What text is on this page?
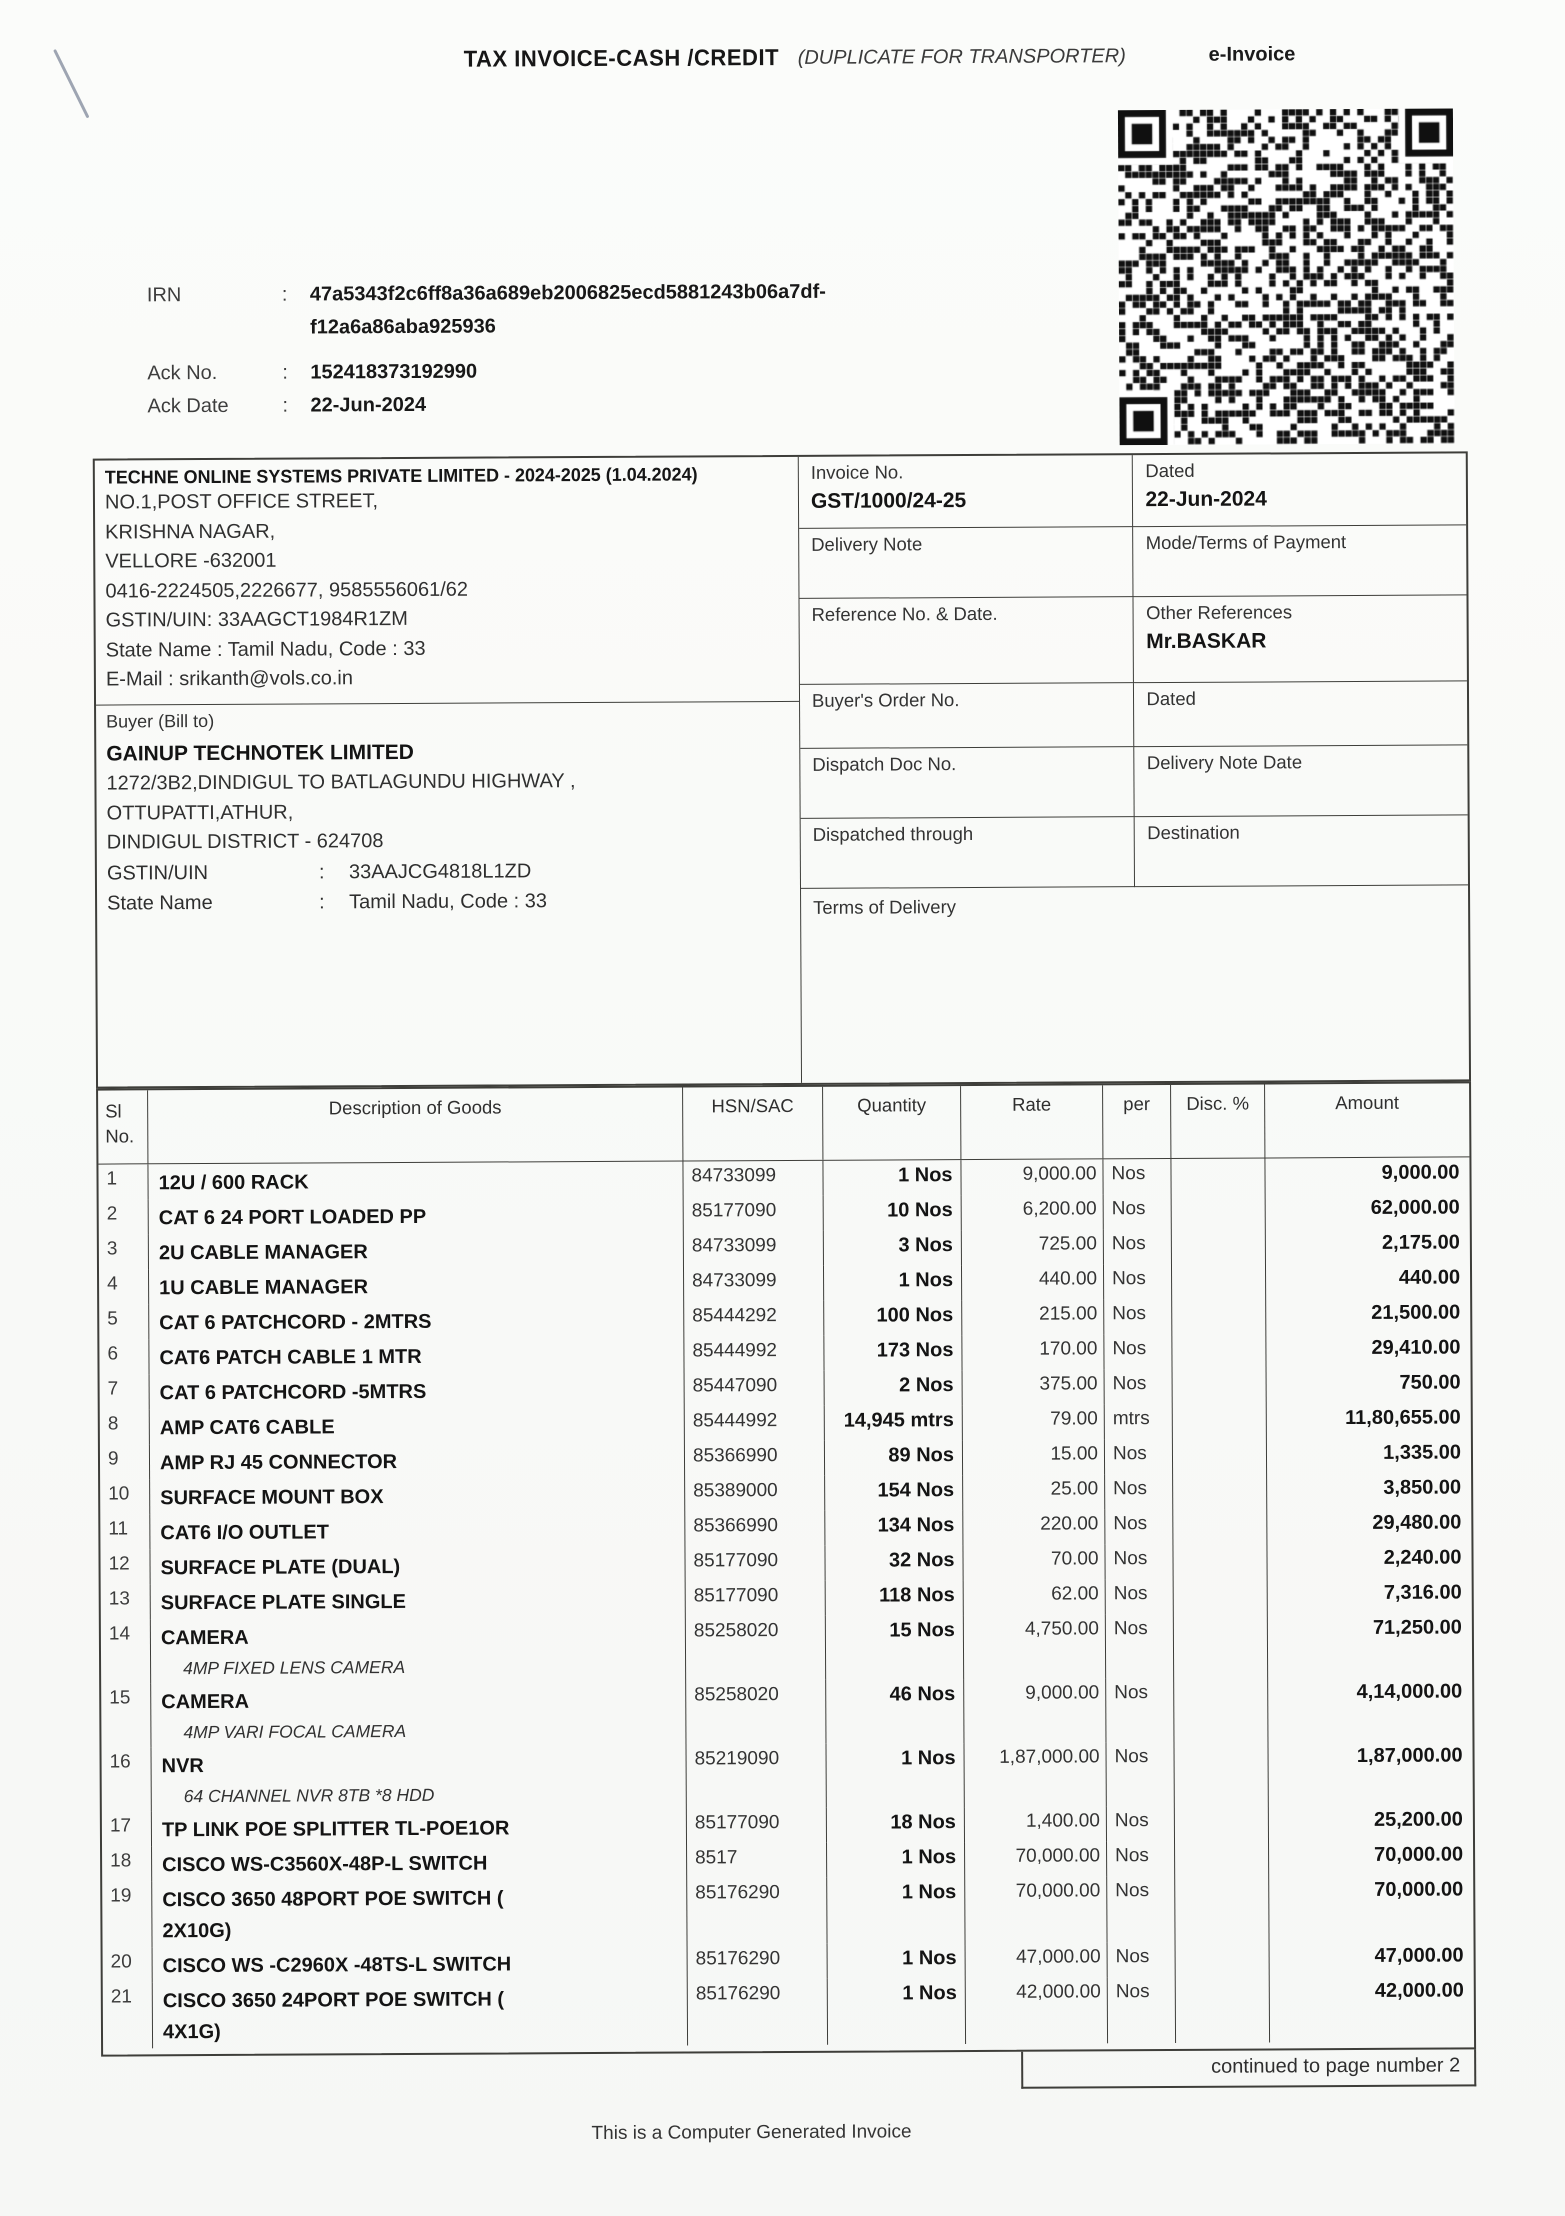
TAX INVOICE-CASH /CREDIT (DUPLICATE FOR TRANSPORTER)	e-Invoice
IRN	:	47a5343f2c6ff8a36a689eb2006825ecd5881243b06a7df-
f12a6a86aba925936
Ack No.	:	152418373192990
Ack Date	:	22-Jun-2024
TECHNE ONLINE SYSTEMS PRIVATE LIMITED - 2024-2025 (1.04.2024)
NO.1,POST OFFICE STREET,
KRISHNA NAGAR,
VELLORE -632001
0416-2224505,2226677, 9585556061/62
GSTIN/UIN: 33AAGCT1984R1ZM
State Name : Tamil Nadu, Code : 33
E-Mail : srikanth@vols.co.in
Buyer (Bill to)
GAINUP TECHNOTEK LIMITED
1272/3B2,DINDIGUL TO BATLAGUNDU HIGHWAY ,
OTTUPATTI,ATHUR,
DINDIGUL DISTRICT - 624708
GSTIN/UIN	:	33AAJCG4818L1ZD
State Name	:	Tamil Nadu, Code : 33
Invoice No.
GST/1000/24-25
Dated
22-Jun-2024
Delivery Note	Mode/Terms of Payment
Reference No. & Date.	Other References
Mr.BASKAR
Buyer's Order No.	Dated
Dispatch Doc No.	Delivery Note Date
Dispatched through	Destination
Terms of Delivery
Sl
No.
Description of Goods	HSN/SAC	Quantity	Rate	per	Disc. %	Amount
1	12U / 600 RACK	84733099	1 Nos	9,000.00 Nos	9,000.00
2	CAT 6 24 PORT LOADED PP	85177090	10 Nos	6,200.00 Nos	62,000.00
3	2U CABLE MANAGER	84733099	3 Nos	725.00 Nos	2,175.00
4	1U CABLE MANAGER	84733099	1 Nos	440.00 Nos	440.00
5	CAT 6 PATCHCORD - 2MTRS	85444292	100 Nos	215.00 Nos	21,500.00
6	CAT6 PATCH CABLE 1 MTR	85444992	173 Nos	170.00 Nos	29,410.00
7	CAT 6 PATCHCORD -5MTRS	85447090	2 Nos	375.00 Nos	750.00
8	AMP CAT6 CABLE	85444992	14,945 mtrs	79.00 mtrs	11,80,655.00
9	AMP RJ 45 CONNECTOR	85366990	89 Nos	15.00 Nos	1,335.00
10	SURFACE MOUNT BOX	85389000	154 Nos	25.00 Nos	3,850.00
11	CAT6 I/O OUTLET	85366990	134 Nos	220.00 Nos	29,480.00
12	SURFACE PLATE (DUAL)	85177090	32 Nos	70.00 Nos	2,240.00
13	SURFACE PLATE SINGLE	85177090	118 Nos	62.00 Nos	7,316.00
14	CAMERA
4MP FIXED LENS CAMERA
85258020	15 Nos	4,750.00 Nos	71,250.00
15	CAMERA
4MP VARI FOCAL CAMERA
85258020	46 Nos	9,000.00 Nos	4,14,000.00
16	NVR
64 CHANNEL NVR 8TB *8 HDD
85219090	1 Nos	1,87,000.00 Nos	1,87,000.00
17	TP LINK POE SPLITTER TL-POE1OR	85177090	18 Nos	1,400.00 Nos	25,200.00
18	CISCO WS-C3560X-48P-L SWITCH	8517	1 Nos	70,000.00 Nos	70,000.00
19	CISCO 3650 48PORT POE SWITCH (
2X10G)
85176290	1 Nos	70,000.00 Nos	70,000.00
20	CISCO WS -C2960X -48TS-L SWITCH	85176290	1 Nos	47,000.00 Nos	47,000.00
21	CISCO 3650 24PORT POE SWITCH (
4X1G)
85176290	1 Nos	42,000.00 Nos	42,000.00
continued to page number 2
This is a Computer Generated Invoice
